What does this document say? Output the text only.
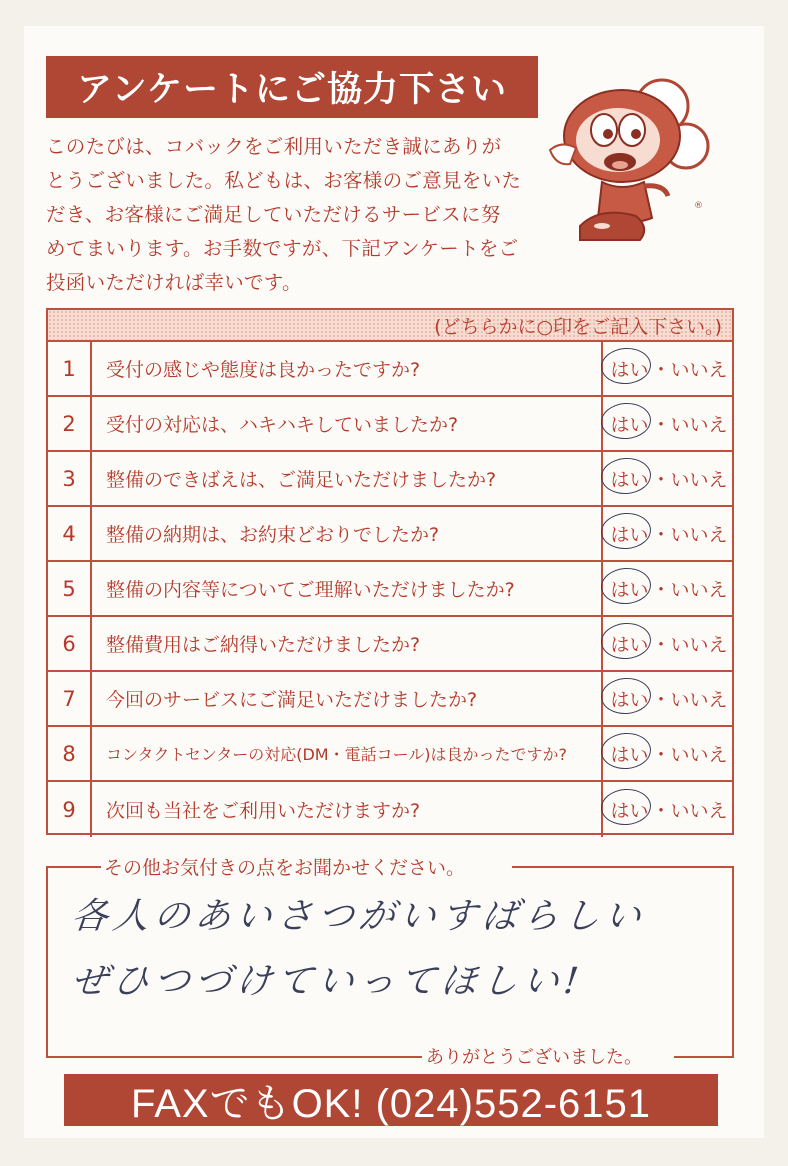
アンケートにご協力下さい
このたびは、コバックをご利用いただき誠にありが
とうございました。私どもは、お客様のご意見をいた
だき、お客様にご満足していただけるサービスに努
めてまいります。お手数ですが、下記アンケートをご
投函いただければ幸いです。
®
(どちらかに○印をご記入下さい。)
1	受付の感じや態度は良かったですか?	はい ・ いいえ
2	受付の対応は、ハキハキしていましたか?	はい ・ いいえ
3	整備のできばえは、ご満足いただけましたか?	はい ・ いいえ
4	整備の納期は、お約束どおりでしたか?	はい ・ いいえ
5	整備の内容等についてご理解いただけましたか?	はい ・ いいえ
6	整備費用はご納得いただけましたか?	はい ・ いいえ
7	今回のサービスにご満足いただけましたか?	はい ・ いいえ
8	コンタクトセンターの対応(DM・電話コール)は良かったですか? はい ・ いいえ
9	次回も当社をご利用いただけますか?	はい ・ いいえ
その他お気付きの点をお聞かせください。
各人のあいさつがいすばらしい
ぜひつづけていってほしい!
ありがとうございました。
FAXでもOK! (024)552-6151
